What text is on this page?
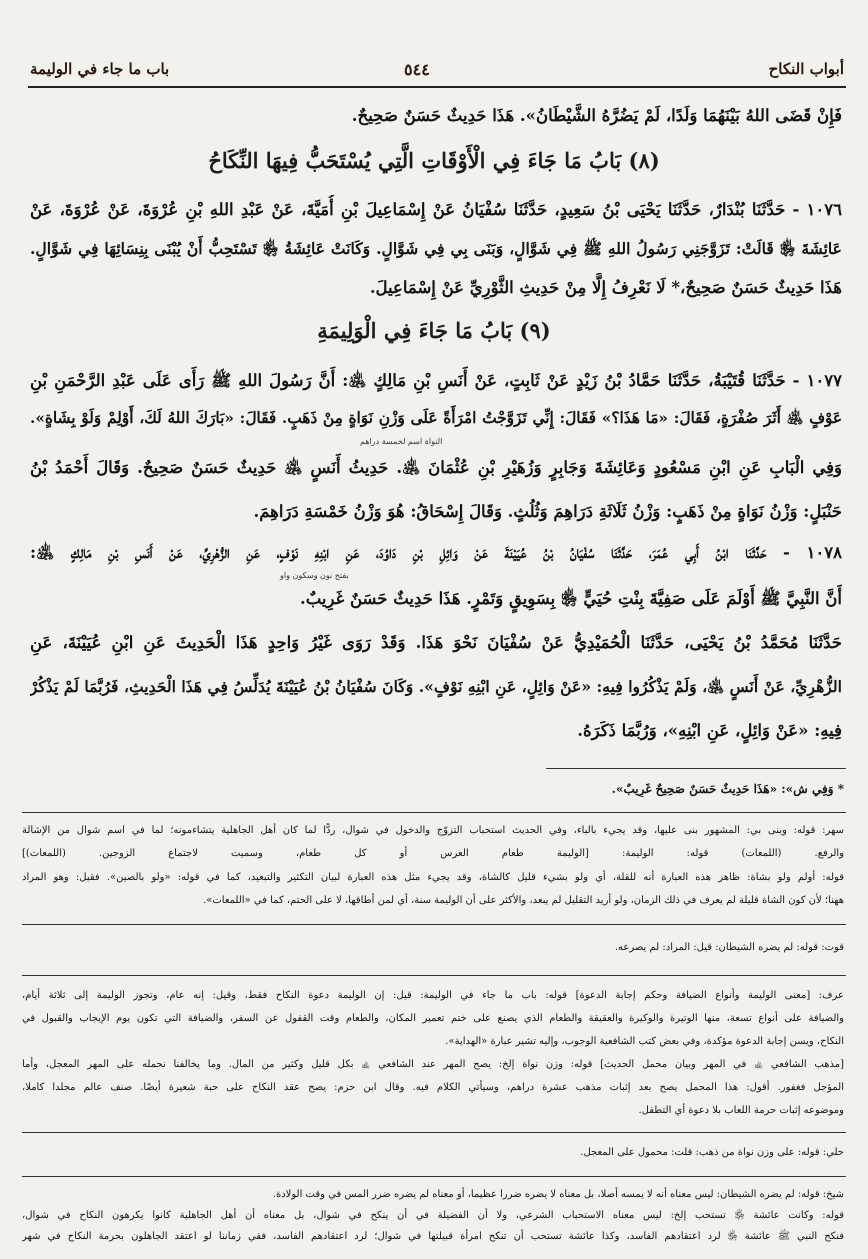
أبواب النكاح
٥٤٤
باب ما جاء في الوليمة
فَإِنْ قَضَى اللهُ بَيْنَهُمَا وَلَدًا، لَمْ يَضُرَّهُ الشَّيْطَانُ». هَذَا حَدِيثٌ حَسَنٌ صَحِيحٌ.
(٨) بَابُ مَا جَاءَ فِي الْأَوْقَاتِ الَّتِي يُسْتَحَبُّ فِيهَا النِّكَاحُ
١٠٧٦ - حَدَّثَنَا بُنْدَارٌ، حَدَّثَنَا يَحْيَى بْنُ سَعِيدٍ، حَدَّثَنَا سُفْيَانُ عَنْ إِسْمَاعِيلَ بْنِ أُمَيَّةَ، عَنْ عَبْدِ اللهِ بْنِ عُرْوَةَ، عَنْ عُرْوَةَ، عَنْ
عَائِشَةَ ﵂ قَالَتْ: تَزَوَّجَنِي رَسُولُ اللهِ ﷺ فِي شَوَّالٍ، وَبَنَى بِي فِي شَوَّالٍ. وَكَانَتْ عَائِشَةُ ﵂ تَسْتَحِبُّ أَنْ يُبْنَى بِنِسَائِهَا فِي شَوَّالٍ.
هَذَا حَدِيثٌ حَسَنٌ صَحِيحٌ،* لَا نَعْرِفُ إِلَّا مِنْ حَدِيثِ الثَّوْرِيِّ عَنْ إِسْمَاعِيلَ.
(٩) بَابُ مَا جَاءَ فِي الْوَلِيمَةِ
١٠٧٧ - حَدَّثَنَا قُتَيْبَةُ، حَدَّثَنَا حَمَّادُ بْنُ زَيْدٍ عَنْ ثَابِتٍ، عَنْ أَنَسِ بْنِ مَالِكٍ ﵁: أَنَّ رَسُولَ اللهِ ﷺ رَأَى عَلَى عَبْدِ الرَّحْمَنِ بْنِ
عَوْفٍ ﵁ أَثَرَ صُفْرَةٍ، فَقَالَ: «مَا هَذَا؟» فَقَالَ: إِنِّي تَزَوَّجْتُ امْرَأَةً عَلَى وَزْنِ نَوَاةٍ مِنْ ذَهَبٍ. فَقَالَ: «بَارَكَ اللهُ لَكَ، أَوْلِمْ وَلَوْ بِشَاةٍ».
النواة اسم لخمسة دراهم
وَفِي الْبَابِ عَنِ ابْنِ مَسْعُودٍ وَعَائِشَةَ وَجَابِرٍ وَزُهَيْرِ بْنِ عُثْمَانَ ﵁. حَدِيثُ أَنَسٍ ﵁ حَدِيثٌ حَسَنٌ صَحِيحٌ. وَقَالَ أَحْمَدُ بْنُ
حَنْبَلٍ: وَزْنُ نَوَاةٍ مِنْ ذَهَبٍ: وَزْنُ ثَلَاثَةِ دَرَاهِمَ وَثُلُثٍ. وَقَالَ إِسْحَاقُ: هُوَ وَزْنُ خَمْسَةِ دَرَاهِمَ.
١٠٧٨ - حَدَّثَنَا ابْنُ أَبِي عُمَرَ، حَدَّثَنَا سُفْيَانُ بْنُ عُيَيْنَةَ عَنْ وَائِلِ بْنِ دَاوُدَ، عَنِ ابْنِهِ نَوْفٍ، عَنِ الزُّهْرِيِّ، عَنْ أَنَسِ بْنِ مَالِكٍ ﵁:
بفتح نون وسكون واو
أَنَّ النَّبِيَّ ﷺ أَوْلَمَ عَلَى صَفِيَّةَ بِنْتِ حُيَيٍّ ﵂ بِسَوِيقٍ وَتَمْرٍ. هَذَا حَدِيثٌ حَسَنٌ غَرِيبٌ.
حَدَّثَنَا مُحَمَّدُ بْنُ يَحْيَى، حَدَّثَنَا الْحُمَيْدِيُّ عَنْ سُفْيَانَ نَحْوَ هَذَا. وَقَدْ رَوَى غَيْرُ وَاحِدٍ هَذَا الْحَدِيثَ عَنِ ابْنِ عُيَيْنَةَ، عَنِ
الزُّهْرِيِّ، عَنْ أَنَسٍ ﵁، وَلَمْ يَذْكُرُوا فِيهِ: «عَنْ وَائِلٍ، عَنِ ابْنِهِ نَوْفٍ». وَكَانَ سُفْيَانُ بْنُ عُيَيْنَةَ يُدَلِّسُ فِي هَذَا الْحَدِيثِ، فَرُبَّمَا لَمْ يَذْكُرْ
فِيهِ: «عَنْ وَائِلٍ، عَنِ ابْنِهِ»، وَرُبَّمَا ذَكَرَهُ.
* وَفِي ش»: «هَذَا حَدِيثٌ حَسَنٌ صَحِيحٌ غَرِيبٌ».
سهر: قوله: وبنى بي: المشهور بنى عليها، وقد يجيء بالباء، وفي الحديث استحباب التزوّج والدخول في شوال، ردًّا لما كان أهل الجاهلية يتشاءمونه؛ لما في اسم شوال من الإشالة
والرفع. (اللمعات) قوله: الوليمة: [الوليمة طعام العرس أو كل طعام، وسميت لاجتماع الزوجين. (اللمعات)]
قوله: أولم ولو بشاة: ظاهر هذه العبارة أنه للقلة، أي ولو بشيء قليل كالشاة، وقد يجيء مثل هذه العبارة لبيان التكثير والتبعيد، كما في قوله: «ولو بالصين». فقيل: وهو المراد
ههنا؛ لأن كون الشاة قليلة لم يعرف في ذلك الزمان، ولو أريد التقليل لم يبعد، والأكثر على أن الوليمة سنة، أي لمن أطاقها، لا على الحتم، كما في «اللمعات».
قوت: قوله: لم يضره الشيطان: قيل: المراد: لم يصرعه.
عرف: [معنى الوليمة وأنواع الضيافة وحكم إجابة الدعوة] قوله: باب ما جاء في الوليمة: قيل: إن الوليمة دعوة النكاح فقط، وقيل: إنه عام، وتجوز الوليمة إلى ثلاثة أيام،
والضيافة على أنواع تسعة، منها الوتيرة والوكيرة والعقيقة والطعام الذي يصنع على ختم تعمير المكان، والطعام وقت القفول عن السفر، والضيافة التي تكون يوم الإيجاب والقبول في
النكاح، ويسن إجابة الدعوة مؤكدة، وفي بعض كتب الشافعية الوجوب، وإليه تشير عبارة «الهداية».
[مذهب الشافعي ﵀ في المهر وبيان محمل الحديث] قوله: وزن نواة إلخ: يصح المهر عند الشافعي ﵀ بكل قليل وكثير من المال. وما يخالفنا نحمله على المهر المعجل، وأما
المؤجل فغفور. أقول: هذا المحمل يصح بعد إثبات مذهب عشرة دراهم، وسيأتي الكلام فيه. وقال ابن حزم: يصح عقد النكاح على حبة شعيرة أيضًا. صنف عالم مجلدا كاملا،
وموضوعه إثبات حرمة اللعاب بلا دعوة أي التطفل.
حلي: قوله: على وزن نواة من ذهب: قلت: محمول على المعجل.
شيخ: قوله: لم يضره الشيطان: ليس معناه أنه لا يمسه أصلا، بل معناه لا يضره ضررا عظيما، أو معناه لم يضره ضرر المس في وقت الولادة.
قوله: وكانت عائشة ﵂ تستحب إلخ: ليس معناه الاستحباب الشرعي، ولا أن الفضيلة في أن ينكح في شوال، بل معناه أن أهل الجاهلية كانوا يكرهون النكاح في شوال،
فنكح النبي ﷺ عائشة ﵂ لرد اعتقادهم الفاسد، وكذا عائشة تستحب أن تنكح امرأة قبيلتها في شوال؛ لرد اعتقادهم الفاسد، ففي زماننا لو اعتقد الجاهلون بحرمة النكاح في شهر
